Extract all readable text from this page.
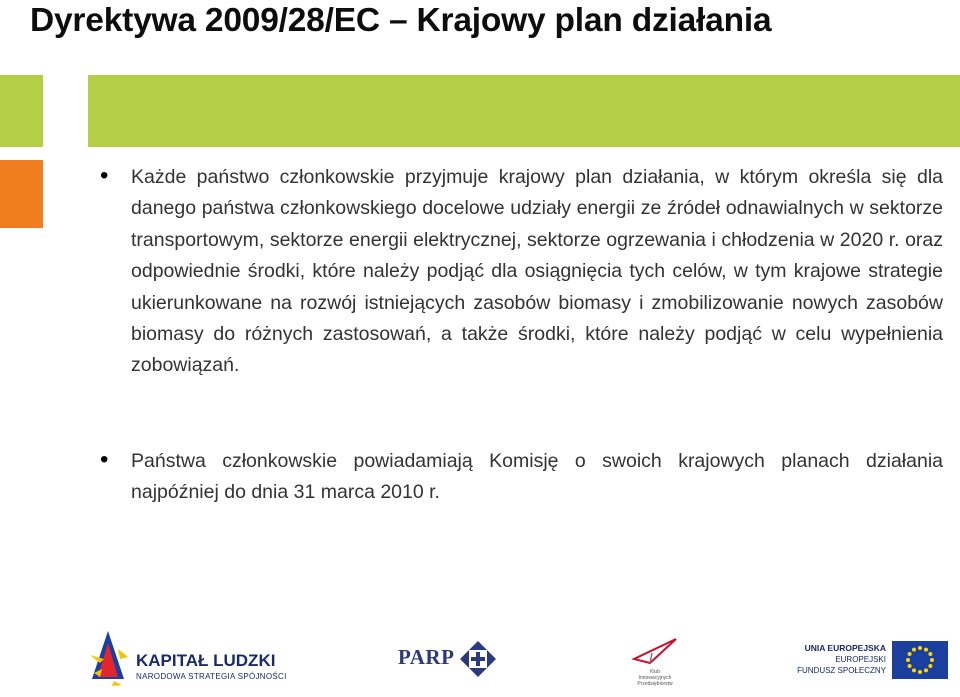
Dyrektywa 2009/28/EC – Krajowy plan działania
• Każde państwo członkowskie przyjmuje krajowy plan działania, w którym określa się dla danego państwa członkowskiego docelowe udziały energii ze źródeł odnawialnych w sektorze transportowym, sektorze energii elektrycznej, sektorze ogrzewania i chłodzenia w 2020 r. oraz odpowiednie środki, które należy podjąć dla osiągnięcia tych celów, w tym krajowe strategie ukierunkowane na rozwój istniejących zasobów biomasy i zmobilizowanie nowych zasobów biomasy do różnych zastosowań, a także środki, które należy podjąć w celu wypełnienia zobowiązań.
• Państwa członkowskie powiadamiają Komisję o swoich krajowych planach działania najpóźniej do dnia 31 marca 2010 r.
KAPITAŁ LUDZKI
NARODOWA STRATEGIA SPÓJNOŚCI
PARP
Klub
Innowacyjnych
Przedsiębiorstw
UNIA EUROPEJSKA
EUROPEJSKI
FUNDUSZ SPOŁECZNY
